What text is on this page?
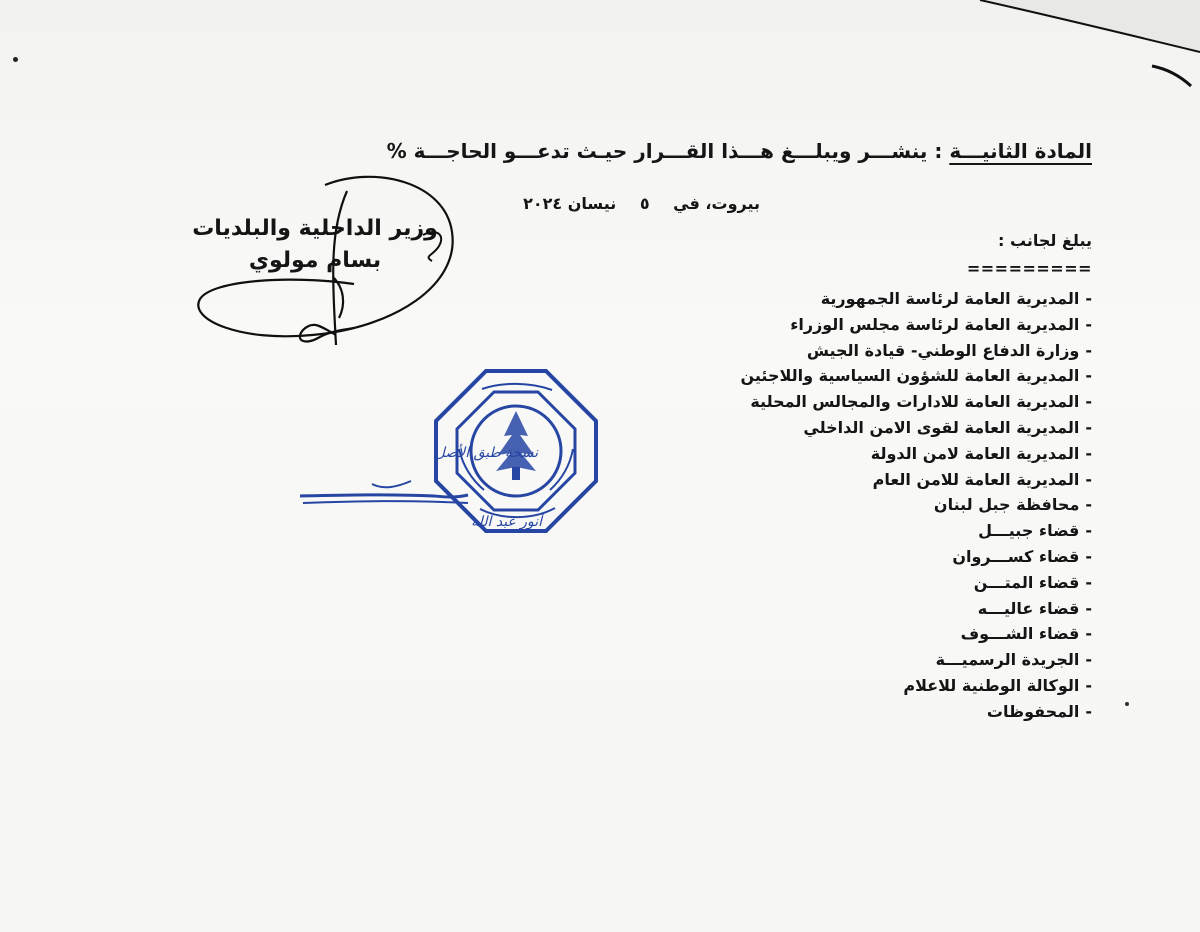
المادة الثانيـــة : ينشـــر ويبلـــغ هـــذا القـــرار حيـث تدعـــو الحاجـــة %
بيروت، في ٥ نيسان ٢٠٢٤
وزير الداخلية والبلديات
بسام مولوي
يبلغ لجانب :
=========
-المديرية العامة لرئاسة الجمهورية
-المديرية العامة لرئاسة مجلس الوزراء
-وزارة الدفاع الوطني- قيادة الجيش
-المديرية العامة للشؤون السياسية واللاجئين
-المديرية العامة للادارات والمجالس المحلية
-المديرية العامة لقوى الامن الداخلي
-المديرية العامة لامن الدولة
-المديرية العامة للامن العام
-محافظة جبل لبنان
-قضاء جبيـــل
-قضاء كســـروان
-قضاء المتـــن
-قضاء عاليـــه
-قضاء الشـــوف
-الجريدة الرسميـــة
-الوكالة الوطنية للاعلام
-المحفوظات
نسخة طبق الأصل
أنور عبد الله
